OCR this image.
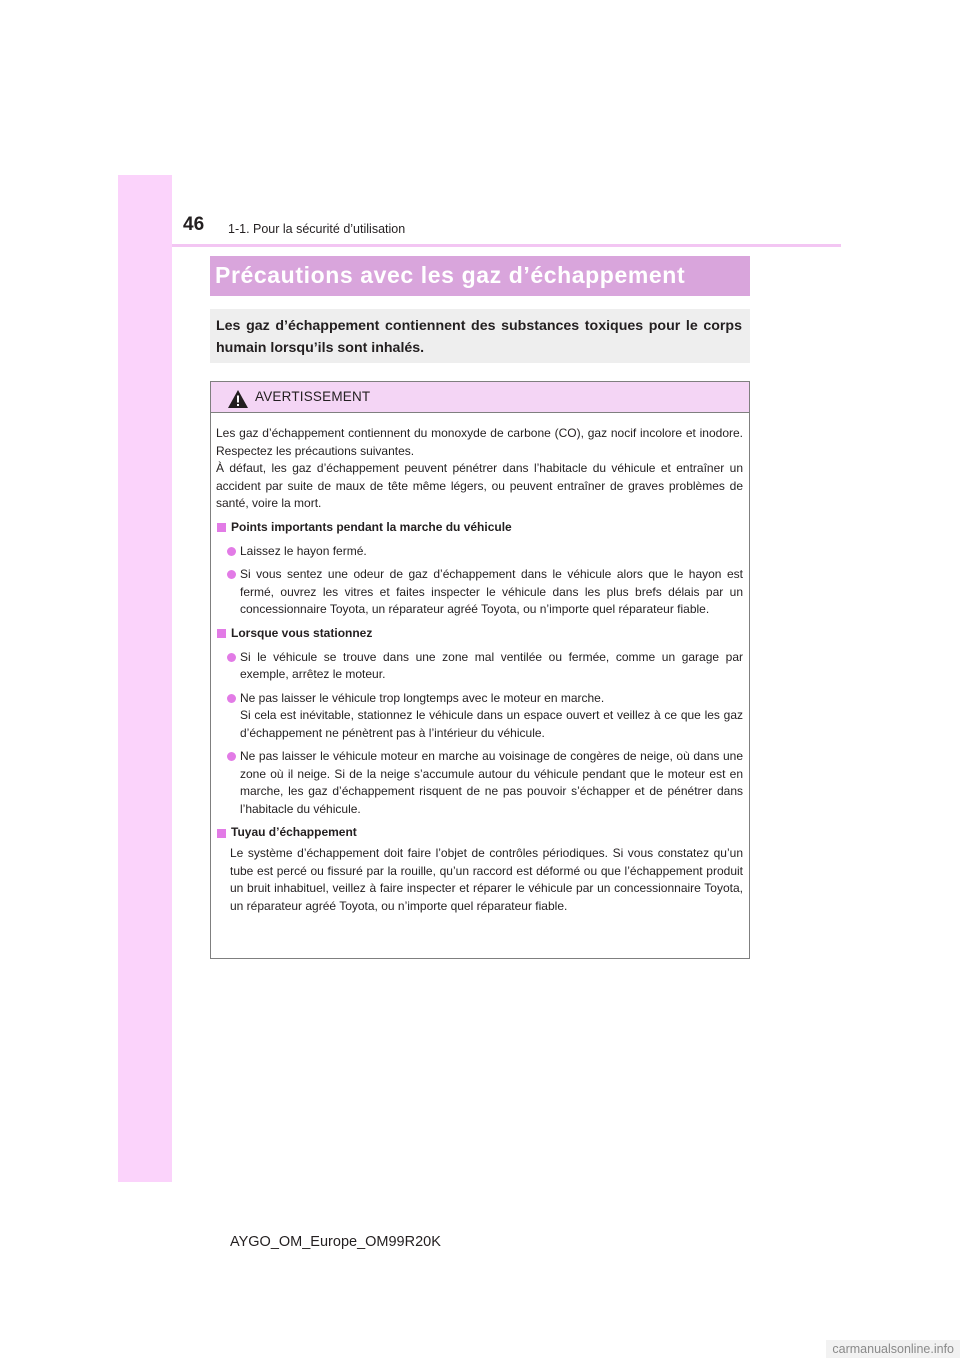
46 1-1. Pour la sécurité d’utilisation
Précautions avec les gaz d’échappement
Les gaz d’échappement contiennent des substances toxiques pour le corps humain lorsqu’ils sont inhalés.
AVERTISSEMENT

Les gaz d’échappement contiennent du monoxyde de carbone (CO), gaz nocif incolore et inodore. Respectez les précautions suivantes.

À défaut, les gaz d’échappement peuvent pénétrer dans l’habitacle du véhicule et entraîner un accident par suite de maux de tête même légers, ou peuvent entraîner de graves problèmes de santé, voire la mort.

Points importants pendant la marche du véhicule
Laissez le hayon fermé.
Si vous sentez une odeur de gaz d’échappement dans le véhicule alors que le hayon est fermé, ouvrez les vitres et faites inspecter le véhicule dans les plus brefs délais par un concessionnaire Toyota, un réparateur agréé Toyota, ou n’importe quel réparateur fiable.
Lorsque vous stationnez
Si le véhicule se trouve dans une zone mal ventilée ou fermée, comme un garage par exemple, arrêtez le moteur.
Ne pas laisser le véhicule trop longtemps avec le moteur en marche.
Si cela est inévitable, stationnez le véhicule dans un espace ouvert et veillez à ce que les gaz d’échappement ne pénètrent pas à l’intérieur du véhicule.
Ne pas laisser le véhicule moteur en marche au voisinage de congères de neige, où dans une zone où il neige. Si de la neige s’accumule autour du véhicule pendant que le moteur est en marche, les gaz d’échappement risquent de ne pas pouvoir s’échapper et de pénétrer dans l’habitacle du véhicule.
Tuyau d’échappement
Le système d’échappement doit faire l’objet de contrôles périodiques. Si vous constatez qu’un tube est percé ou fissuré par la rouille, qu’un raccord est déformé ou que l’échappement produit un bruit inhabituel, veillez à faire inspecter et réparer le véhicule par un concessionnaire Toyota, un réparateur agréé Toyota, ou n’importe quel réparateur fiable.
AYGO_OM_Europe_OM99R20K
carmanualsonline.info
